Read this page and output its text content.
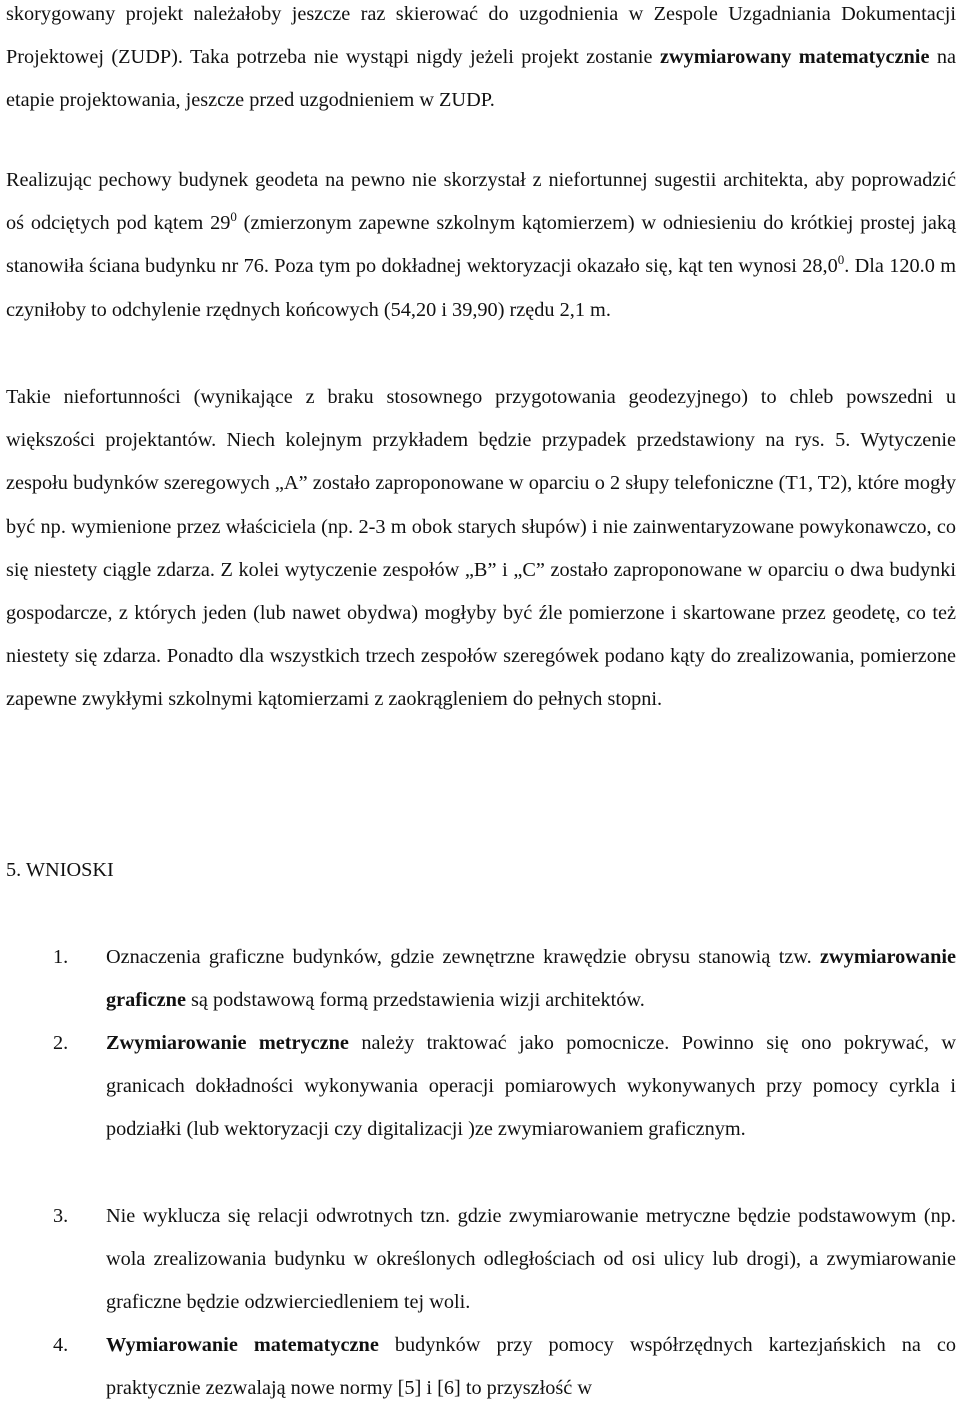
skorygowany projekt należałoby jeszcze raz skierować do uzgodnienia w Zespole Uzgadniania Dokumentacji Projektowej (ZUDP). Taka potrzeba nie wystąpi nigdy jeżeli projekt zostanie zwymiarowany matematycznie na etapie projektowania, jeszcze przed uzgodnieniem w ZUDP.

Realizując pechowy budynek geodeta na pewno nie skorzystał z niefortunnej sugestii architekta, aby poprowadzić oś odciętych pod kątem $29^0$ (zmierzonym zapewne szkolnym kątomierzem) w odniesieniu do krótkiej prostej jaką stanowiła ściana budynku nr 76. Poza tym po dokładnej wektoryzacji okazało się, kąt ten wynosi 28,0$^0$. Dla 120.0 m czyniłoby to odchylenie rzędnych końcowych (54,20 i 39,90) rzędu 2,1 m.

Takie niefortunności (wynikające z braku stosownego przygotowania geodezyjnego) to chleb powszedni u większości projektantów. Niech kolejnym przykładem będzie przypadek przedstawiony na rys. 5. Wytyczenie zespołu budynków szeregowych „A” zostało zaproponowane w oparciu o 2 słupy telefoniczne (T1, T2), które mogły być np. wymienione przez właściciela (np. 2-3 m obok starych słupów) i nie zainwentaryzowane powykonawczo, co się niestety ciągle zdarza. Z kolei wytyczenie zespołów „B” i „C” zostało zaproponowane w oparciu o dwa budynki gospodarcze, z których jeden (lub nawet obydwa) mogłyby być źle pomierzone i skartowane przez geodetę, co też niestety się zdarza. Ponadto dla wszystkich trzech zespołów szeregówek podano kąty do zrealizowania, pomierzone zapewne zwykłymi szkolnymi kątomierzami z zaokrągleniem do pełnych stopni.

5. WNIOSKI
1. Oznaczenia graficzne budynków, gdzie zewnętrzne krawędzie obrysu stanowią tzw. zwymiarowanie graficzne są podstawową formą przedstawienia wizji architektów.
2. Zwymiarowanie metryczne należy traktować jako pomocnicze. Powinno się ono pokrywać, w granicach dokładności wykonywania operacji pomiarowych wykonywanych przy pomocy cyrkla i podziałki (lub wektoryzacji czy digitalizacji )ze zwymiarowaniem graficznym.
3. Nie wyklucza się relacji odwrotnych tzn. gdzie zwymiarowanie metryczne będzie podstawowym (np. wola zrealizowania budynku w określonych odległościach od osi ulicy lub drogi), a zwymiarowanie graficzne będzie odzwierciedleniem tej woli.
4. Wymiarowanie matematyczne budynków przy pomocy współrzędnych kartezjańskich na co praktycznie zezwalają nowe normy [5] i [6] to przyszłość w
